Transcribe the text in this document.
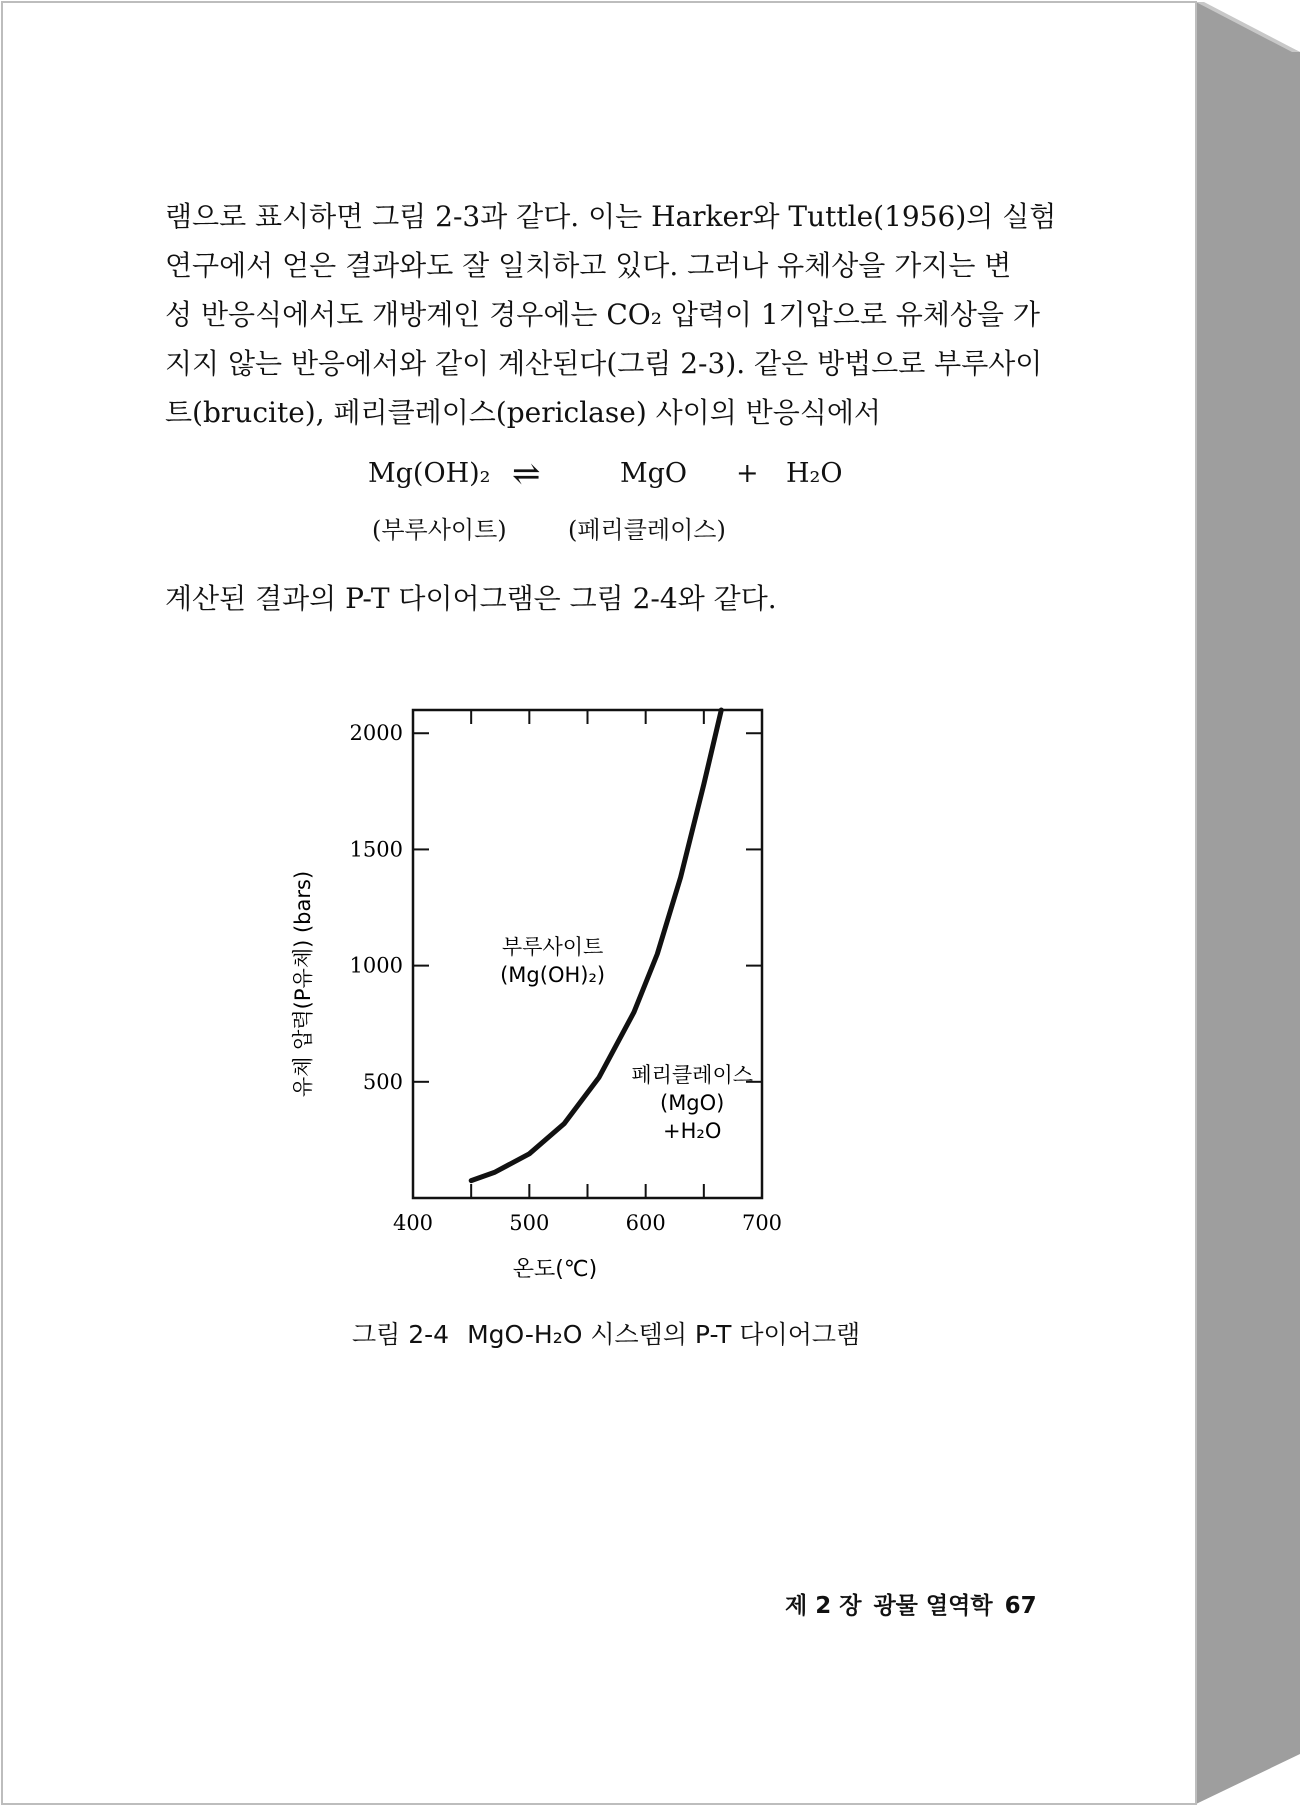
램으로 표시하면 그림 2-3과 같다. 이는 Harker와 Tuttle(1956)의 실험
연구에서 얻은 결과와도 잘 일치하고 있다. 그러나 유체상을 가지는 변
성 반응식에서도 개방계인 경우에는 CO₂ 압력이 1기압으로 유체상을 가
지지 않는 반응에서와 같이 계산된다(그림 2-3). 같은 방법으로 부루사이
트(brucite), 페리클레이스(periclase) 사이의 반응식에서
Mg(OH)₂ ⇌	MgO + H₂O
(부루사이트)	(페리클레이스)
계산된 결과의 P-T 다이어그램은 그림 2-4와 같다.
400	500	600	700
500
1000
1500
2000
부루사이트 (Mg(OH)₂)
페리클레이스 (MgO) +H₂O
온도(℃)
유체 압력(P유체) (bars)
그림 2-4 MgO-H₂O 시스템의 P-T 다이어그램
제 2 장 광물 열역학 67
